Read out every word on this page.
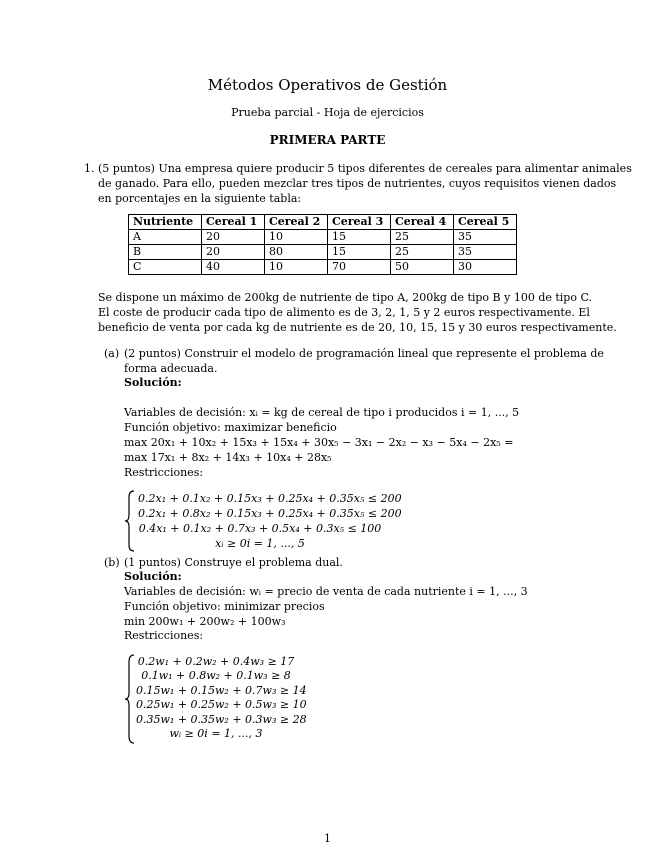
Métodos Operativos de Gestión
Prueba parcial - Hoja de ejercicios
PRIMERA PARTE
1. (5 puntos) Una empresa quiere producir 5 tipos diferentes de cereales para alimentar animales
de ganado. Para ello, pueden mezclar tres tipos de nutrientes, cuyos requisitos vienen dados
en porcentajes en la siguiente tabla:
Nutriente	Cereal 1	Cereal 2	Cereal 3	Cereal 4	Cereal 5
A	20	10	15	25	35
B	20	80	15	25	35
C	40	10	70	50	30
Se dispone un máximo de 200kg de nutriente de tipo A, 200kg de tipo B y 100 de tipo C.
El coste de producir cada tipo de alimento es de 3, 2, 1, 5 y 2 euros respectivamente. El
beneficio de venta por cada kg de nutriente es de 20, 10, 15, 15 y 30 euros respectivamente.
(a) (2 puntos) Construir el modelo de programación lineal que represente el problema de
forma adecuada.
Solución:
Variables de decisión: xᵢ = kg de cereal de tipo i producidos i = 1, ..., 5
Función objetivo: maximizar beneficio
max 20x₁ + 10x₂ + 15x₃ + 15x₄ + 30x₅ − 3x₁ − 2x₂ − x₃ − 5x₄ − 2x₅ =
max 17x₁ + 8x₂ + 14x₃ + 10x₄ + 28x₅
Restricciones:
0.2x₁ + 0.1x₂ + 0.15x₃ + 0.25x₄ + 0.35x₅ ≤ 200
0.2x₁ + 0.8x₂ + 0.15x₃ + 0.25x₄ + 0.35x₅ ≤ 200
0.4x₁ + 0.1x₂ + 0.7x₃ + 0.5x₄ + 0.3x₅ ≤ 100
xᵢ ≥ 0i = 1, ..., 5
(b) (1 puntos) Construye el problema dual.
Solución:
Variables de decisión: wᵢ = precio de venta de cada nutriente i = 1, ..., 3
Función objetivo: minimizar precios
min 200w₁ + 200w₂ + 100w₃
Restricciones:
0.2w₁ + 0.2w₂ + 0.4w₃ ≥ 17
0.1w₁ + 0.8w₂ + 0.1w₃ ≥ 8
0.15w₁ + 0.15w₂ + 0.7w₃ ≥ 14
0.25w₁ + 0.25w₂ + 0.5w₃ ≥ 10
0.35w₁ + 0.35w₂ + 0.3w₃ ≥ 28
wᵢ ≥ 0i = 1, ..., 3
1
